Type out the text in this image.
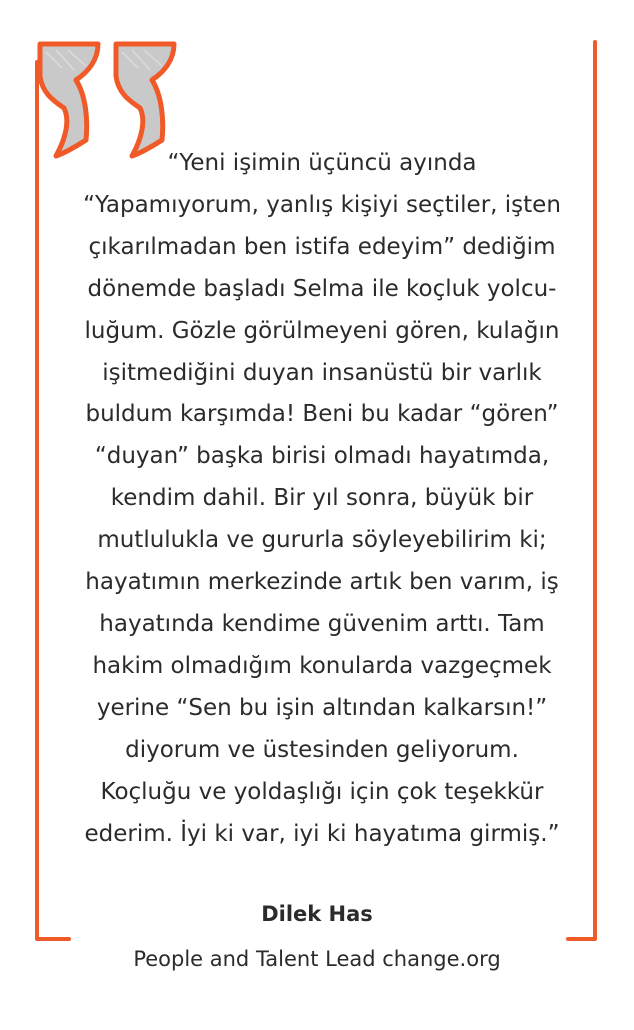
“Yeni işimin üçüncü ayında
“Yapamıyorum, yanlış kişiyi seçtiler, işten
çıkarılmadan ben istifa edeyim” dediğim
dönemde başladı Selma ile koçluk yolcu-
luğum. Gözle görülmeyeni gören, kulağın
işitmediğini duyan insanüstü bir varlık
buldum karşımda! Beni bu kadar “gören”
“duyan” başka birisi olmadı hayatımda,
kendim dahil. Bir yıl sonra, büyük bir
mutlulukla ve gururla söyleyebilirim ki;
hayatımın merkezinde artık ben varım, iş
hayatında kendime güvenim arttı. Tam
hakim olmadığım konularda vazgeçmek
yerine “Sen bu işin altından kalkarsın!”
diyorum ve üstesinden geliyorum.
Koçluğu ve yoldaşlığı için çok teşekkür
ederim. İyi ki var, iyi ki hayatıma girmiş.”

Dilek Has
People and Talent Lead change.org
